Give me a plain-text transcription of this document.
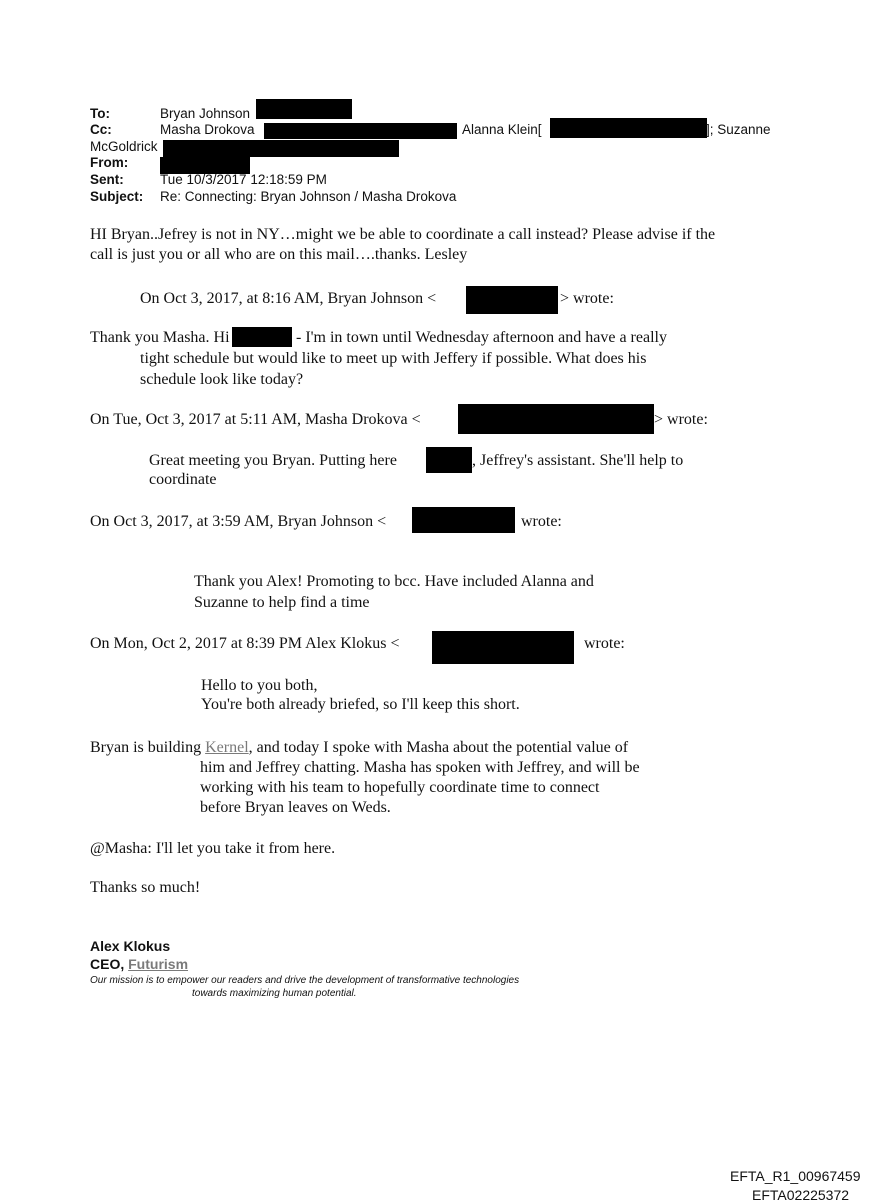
To:	Bryan Johnson
Cc:	Masha Drokova	Alanna Klein[	]; Suzanne
McGoldrick
From:
Sent:	Tue 10/3/2017 12:18:59 PM
Subject: Re: Connecting: Bryan Johnson / Masha Drokova
HI Bryan..Jefrey is not in NY…might we be able to coordinate a call instead? Please advise if the
call is just you or all who are on this mail….thanks. Lesley
On Oct 3, 2017, at 8:16 AM, Bryan Johnson <	> wrote:
Thank you Masha. Hi	- I'm in town until Wednesday afternoon and have a really
tight schedule but would like to meet up with Jeffery if possible. What does his
schedule look like today?
On Tue, Oct 3, 2017 at 5:11 AM, Masha Drokova <	> wrote:
Great meeting you Bryan. Putting here	, Jeffrey's assistant. She'll help to
coordinate
On Oct 3, 2017, at 3:59 AM, Bryan Johnson <	wrote:
Thank you Alex! Promoting to bcc. Have included Alanna and
Suzanne to help find a time
On Mon, Oct 2, 2017 at 8:39 PM Alex Klokus <	wrote:
Hello to you both,
You're both already briefed, so I'll keep this short.
Bryan is building Kernel, and today I spoke with Masha about the potential value of
him and Jeffrey chatting. Masha has spoken with Jeffrey, and will be
working with his team to hopefully coordinate time to connect
before Bryan leaves on Weds.
@Masha: I'll let you take it from here.
Thanks so much!
Alex Klokus
CEO, Futurism
Our mission is to empower our readers and drive the development of transformative technologies
towards maximizing human potential.
EFTA_R1_00967459
EFTA02225372
